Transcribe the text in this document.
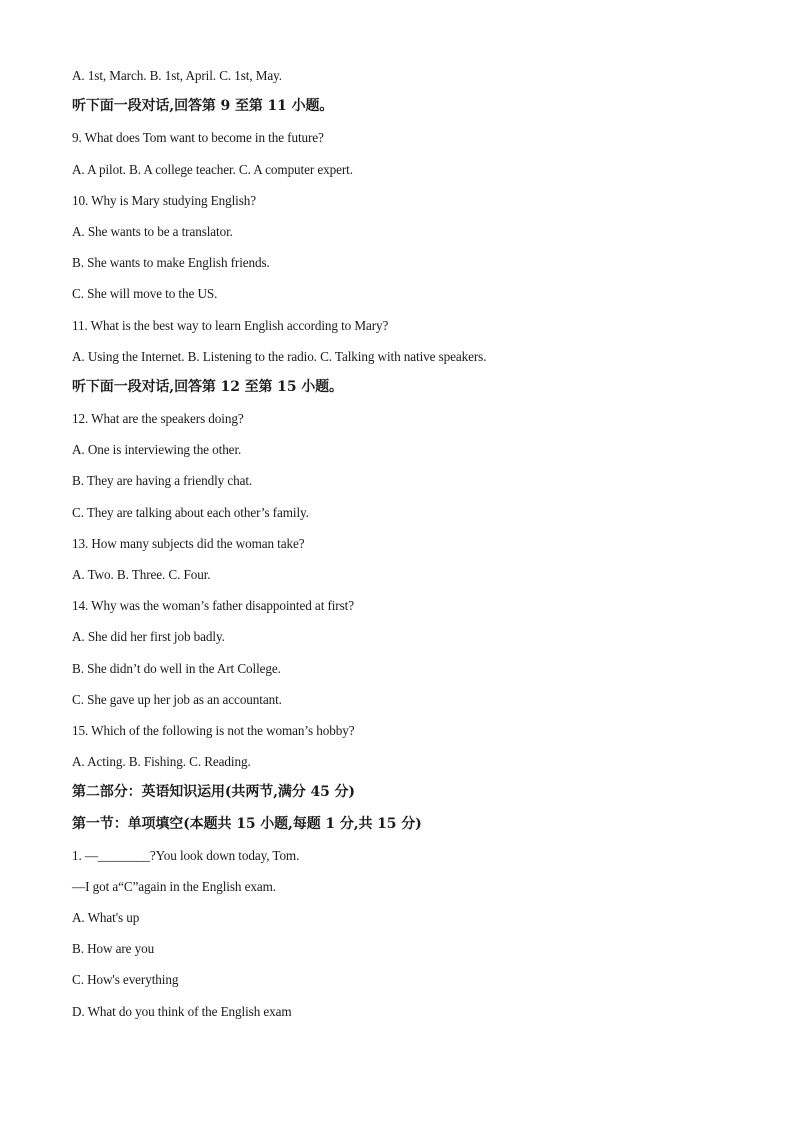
A. 1st, March. B. 1st, April. C. 1st, May.
听下面一段对话,回答第 9 至第 11 小题。
9. What does Tom want to become in the future?
A. A pilot. B. A college teacher. C. A computer expert.
10. Why is Mary studying English?
A. She wants to be a translator.
B. She wants to make English friends.
C. She will move to the US.
11. What is the best way to learn English according to Mary?
A. Using the Internet. B. Listening to the radio. C. Talking with native speakers.
听下面一段对话,回答第 12 至第 15 小题。
12. What are the speakers doing?
A. One is interviewing the other.
B. They are having a friendly chat.
C. They are talking about each other’s family.
13. How many subjects did the woman take?
A. Two. B. Three. C. Four.
14. Why was the woman’s father disappointed at first?
A. She did her first job badly.
B. She didn’t do well in the Art College.
C. She gave up her job as an accountant.
15. Which of the following is not the woman’s hobby?
A. Acting. B. Fishing. C. Reading.
第二部分：英语知识运用(共两节,满分 45 分)
第一节：单项填空(本题共 15 小题,每题 1 分,共 15 分)
1. —________?You look down today, Tom.
—I got a“C”again in the English exam.
A. What's up
B. How are you
C. How's everything
D. What do you think of the English exam
